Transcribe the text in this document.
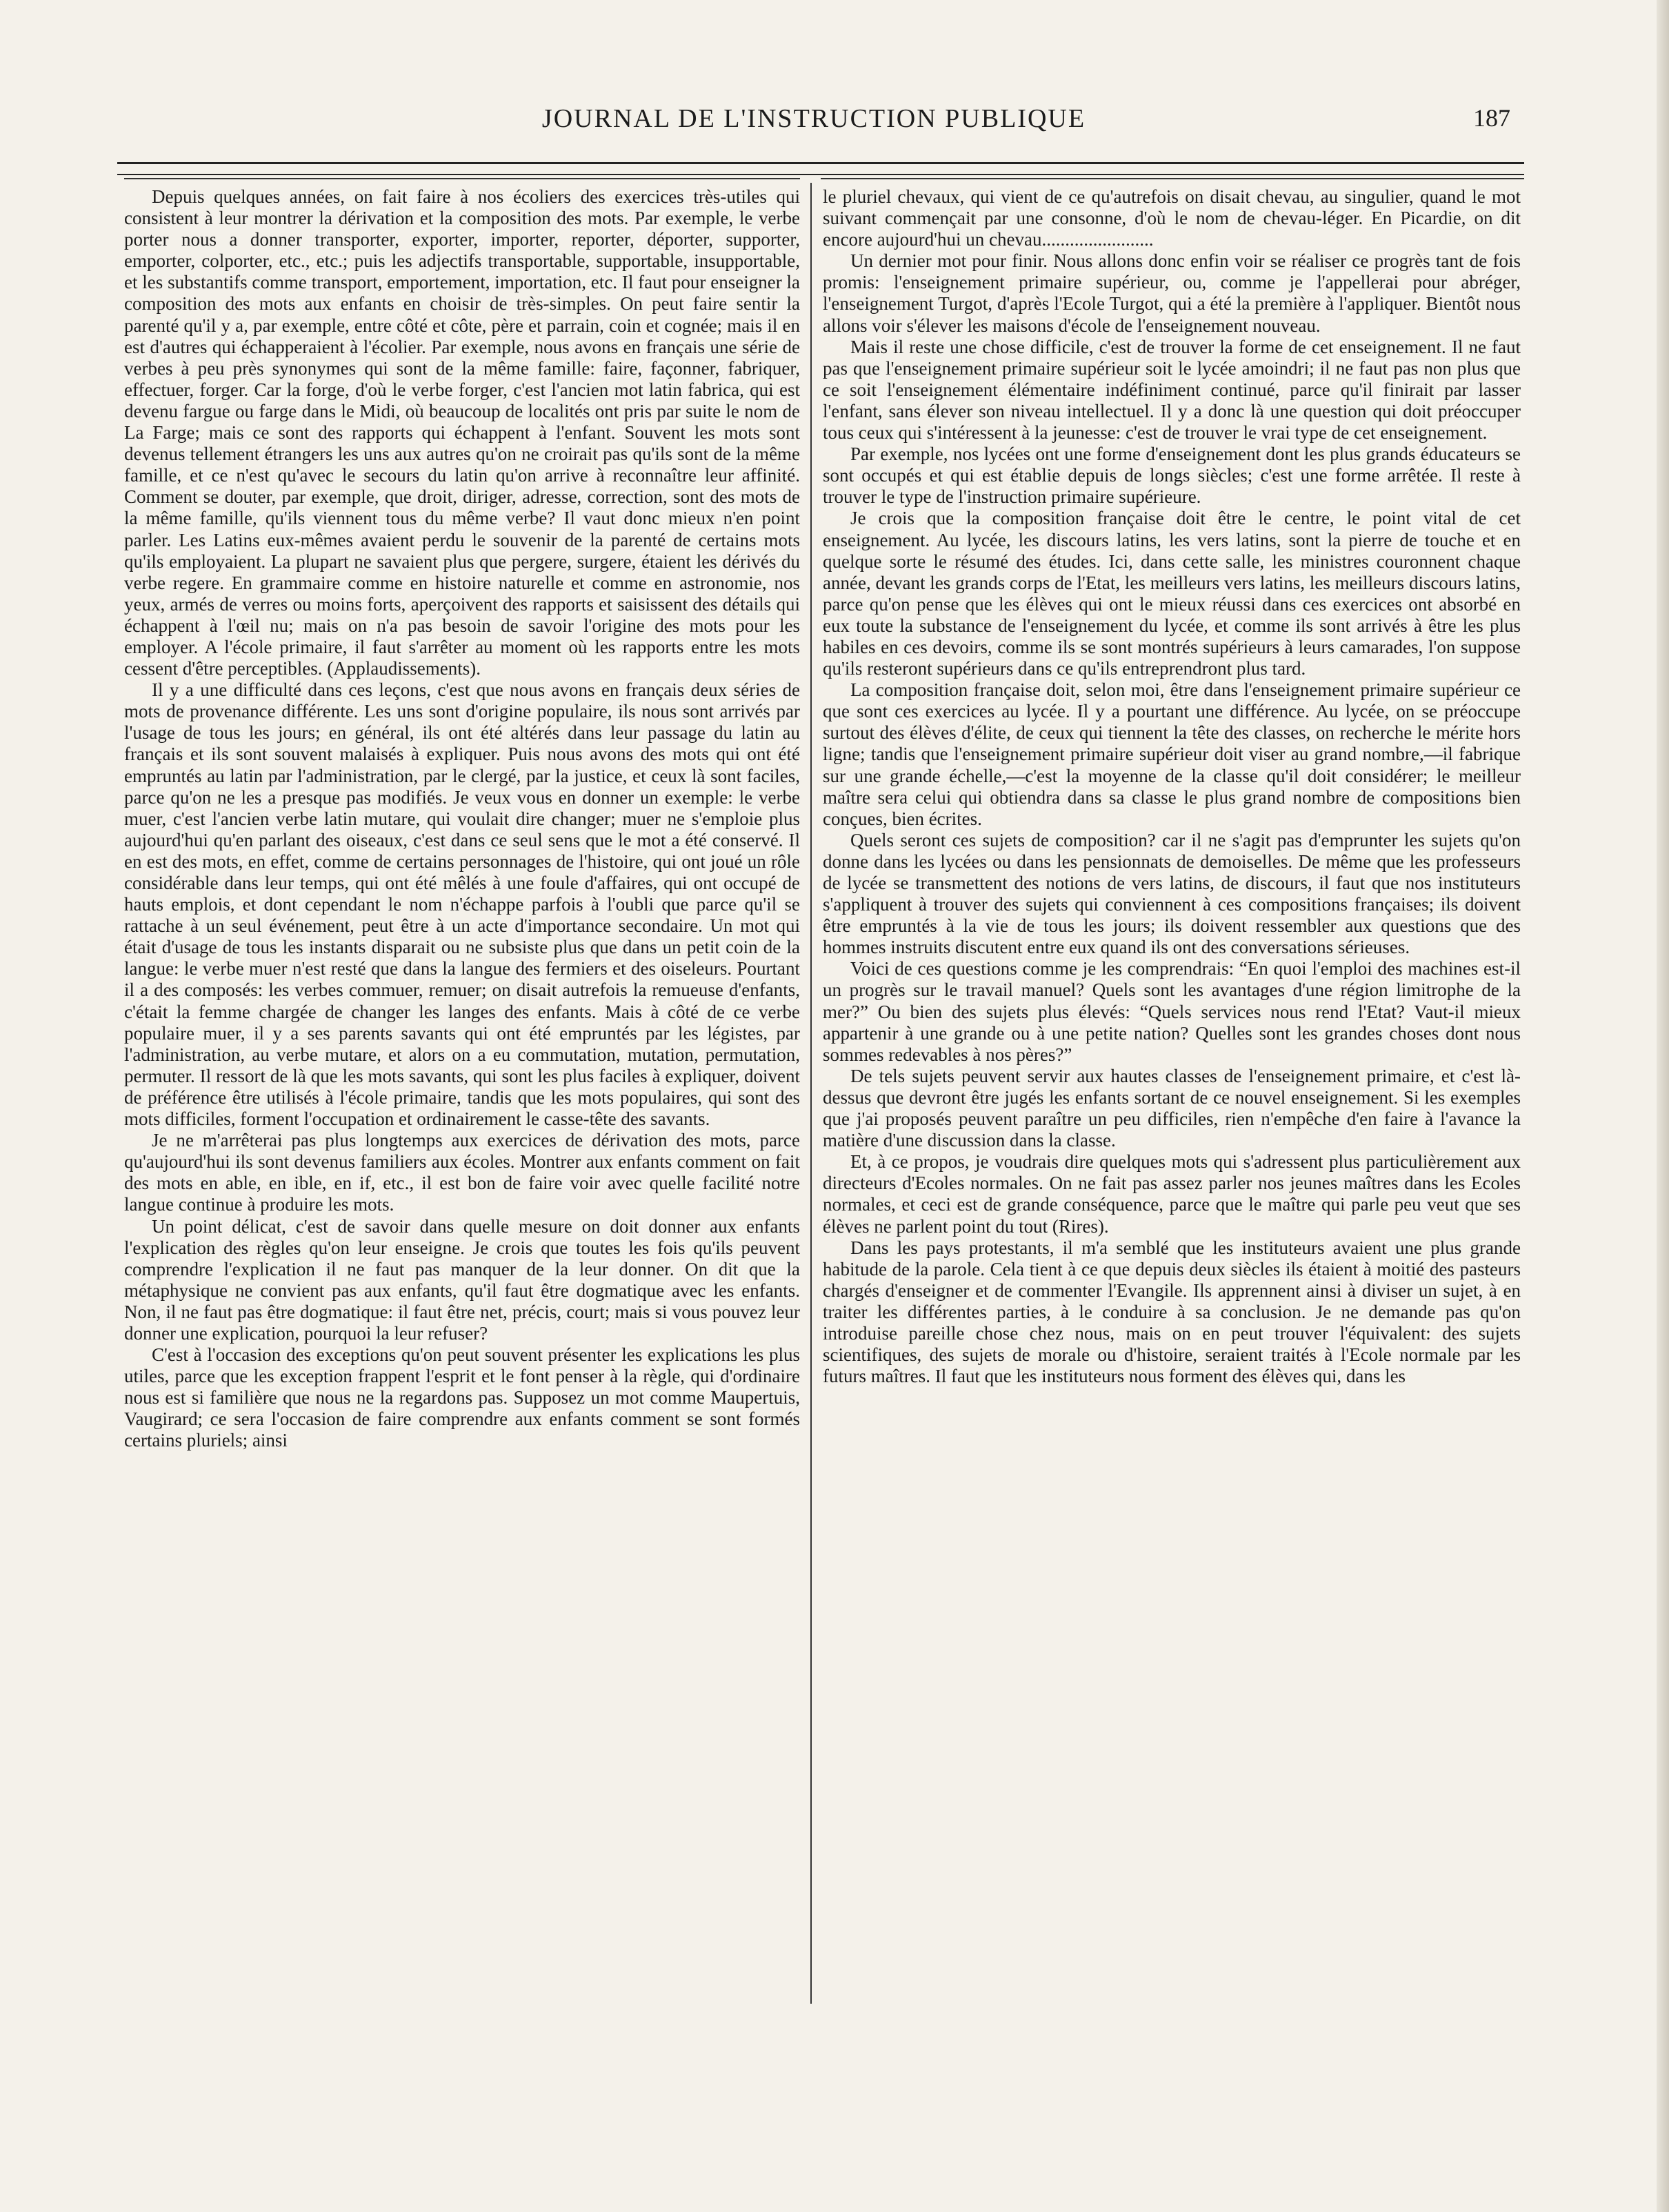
JOURNAL DE L'INSTRUCTION PUBLIQUE	187

Depuis quelques années, on fait faire à nos écoliers des exercices très-utiles qui consistent à leur montrer la dérivation et la composition des mots. Par exemple, le verbe porter nous a donner transporter, exporter, importer, reporter, déporter, supporter, emporter, colporter, etc., etc.; puis les adjectifs transportable, supportable, insupportable, et les substantifs comme transport, emportement, importation, etc. Il faut pour enseigner la composition des mots aux enfants en choisir de très-simples. On peut faire sentir la parenté qu'il y a, par exemple, entre côté et côte, père et parrain, coin et cognée; mais il en est d'autres qui échapperaient à l'écolier. Par exemple, nous avons en français une série de verbes à peu près synonymes qui sont de la même famille: faire, façonner, fabriquer, effectuer, forger. Car la forge, d'où le verbe forger, c'est l'ancien mot latin fabrica, qui est devenu fargue ou farge dans le Midi, où beaucoup de localités ont pris par suite le nom de La Farge; mais ce sont des rapports qui échappent à l'enfant. Souvent les mots sont devenus tellement étrangers les uns aux autres qu'on ne croirait pas qu'ils sont de la même famille, et ce n'est qu'avec le secours du latin qu'on arrive à reconnaître leur affinité. Comment se douter, par exemple, que droit, diriger, adresse, correction, sont des mots de la même famille, qu'ils viennent tous du même verbe? Il vaut donc mieux n'en point parler. Les Latins eux-mêmes avaient perdu le souvenir de la parenté de certains mots qu'ils employaient. La plupart ne savaient plus que pergere, surgere, étaient les dérivés du verbe regere. En grammaire comme en histoire naturelle et comme en astronomie, nos yeux, armés de verres ou moins forts, aperçoivent des rapports et saisissent des détails qui échappent à l'œil nu; mais on n'a pas besoin de savoir l'origine des mots pour les employer. A l'école primaire, il faut s'arrêter au moment où les rapports entre les mots cessent d'être perceptibles. (Applaudissements).

Il y a une difficulté dans ces leçons, c'est que nous avons en français deux séries de mots de provenance différente. Les uns sont d'origine populaire, ils nous sont arrivés par l'usage de tous les jours; en général, ils ont été altérés dans leur passage du latin au français et ils sont souvent malaisés à expliquer. Puis nous avons des mots qui ont été empruntés au latin par l'administration, par le clergé, par la justice, et ceux là sont faciles, parce qu'on ne les a presque pas modifiés. Je veux vous en donner un exemple: le verbe muer, c'est l'ancien verbe latin mutare, qui voulait dire changer; muer ne s'emploie plus aujourd'hui qu'en parlant des oiseaux, c'est dans ce seul sens que le mot a été conservé. Il en est des mots, en effet, comme de certains personnages de l'histoire, qui ont joué un rôle considérable dans leur temps, qui ont été mêlés à une foule d'affaires, qui ont occupé de hauts emplois, et dont cependant le nom n'échappe parfois à l'oubli que parce qu'il se rattache à un seul événement, peut être à un acte d'importance secondaire. Un mot qui était d'usage de tous les instants disparait ou ne subsiste plus que dans un petit coin de la langue: le verbe muer n'est resté que dans la langue des fermiers et des oiseleurs. Pourtant il a des composés: les verbes commuer, remuer; on disait autrefois la remueuse d'enfants, c'était la femme chargée de changer les langes des enfants. Mais à côté de ce verbe populaire muer, il y a ses parents savants qui ont été empruntés par les légistes, par l'administration, au verbe mutare, et alors on a eu commutation, mutation, permutation, permuter. Il ressort de là que les mots savants, qui sont les plus faciles à expliquer, doivent de préférence être utilisés à l'école primaire, tandis que les mots populaires, qui sont des mots difficiles, forment l'occupation et ordinairement le casse-tête des savants.

Je ne m'arrêterai pas plus longtemps aux exercices de dérivation des mots, parce qu'aujourd'hui ils sont devenus familiers aux écoles. Montrer aux enfants comment on fait des mots en able, en ible, en if, etc., il est bon de faire voir avec quelle facilité notre langue continue à produire les mots.

Un point délicat, c'est de savoir dans quelle mesure on doit donner aux enfants l'explication des règles qu'on leur enseigne. Je crois que toutes les fois qu'ils peuvent comprendre l'explication il ne faut pas manquer de la leur donner. On dit que la métaphysique ne convient pas aux enfants, qu'il faut être dogmatique avec les enfants. Non, il ne faut pas être dogmatique: il faut être net, précis, court; mais si vous pouvez leur donner une explication, pourquoi la leur refuser?

C'est à l'occasion des exceptions qu'on peut souvent présenter les explications les plus utiles, parce que les exception frappent l'esprit et le font penser à la règle, qui d'ordinaire nous est si familière que nous ne la regardons pas. Supposez un mot comme Maupertuis, Vaugirard; ce sera l'occasion de faire comprendre aux enfants comment se sont formés certains pluriels; ainsi

le pluriel chevaux, qui vient de ce qu'autrefois on disait chevau, au singulier, quand le mot suivant commençait par une consonne, d'où le nom de chevau-léger. En Picardie, on dit encore aujourd'hui un chevau........................

Un dernier mot pour finir. Nous allons donc enfin voir se réaliser ce progrès tant de fois promis: l'enseignement primaire supérieur, ou, comme je l'appellerai pour abréger, l'enseignement Turgot, d'après l'Ecole Turgot, qui a été la première à l'appliquer. Bientôt nous allons voir s'élever les maisons d'école de l'enseignement nouveau.

Mais il reste une chose difficile, c'est de trouver la forme de cet enseignement. Il ne faut pas que l'enseignement primaire supérieur soit le lycée amoindri; il ne faut pas non plus que ce soit l'enseignement élémentaire indéfiniment continué, parce qu'il finirait par lasser l'enfant, sans élever son niveau intellectuel. Il y a donc là une question qui doit préoccuper tous ceux qui s'intéressent à la jeunesse: c'est de trouver le vrai type de cet enseignement.

Par exemple, nos lycées ont une forme d'enseignement dont les plus grands éducateurs se sont occupés et qui est établie depuis de longs siècles; c'est une forme arrêtée. Il reste à trouver le type de l'instruction primaire supérieure.

Je crois que la composition française doit être le centre, le point vital de cet enseignement. Au lycée, les discours latins, les vers latins, sont la pierre de touche et en quelque sorte le résumé des études. Ici, dans cette salle, les ministres couronnent chaque année, devant les grands corps de l'Etat, les meilleurs vers latins, les meilleurs discours latins, parce qu'on pense que les élèves qui ont le mieux réussi dans ces exercices ont absorbé en eux toute la substance de l'enseignement du lycée, et comme ils sont arrivés à être les plus habiles en ces devoirs, comme ils se sont montrés supérieurs à leurs camarades, l'on suppose qu'ils resteront supérieurs dans ce qu'ils entreprendront plus tard.

La composition française doit, selon moi, être dans l'enseignement primaire supérieur ce que sont ces exercices au lycée. Il y a pourtant une différence. Au lycée, on se préoccupe surtout des élèves d'élite, de ceux qui tiennent la tête des classes, on recherche le mérite hors ligne; tandis que l'enseignement primaire supérieur doit viser au grand nombre,—il fabrique sur une grande échelle,—c'est la moyenne de la classe qu'il doit considérer; le meilleur maître sera celui qui obtiendra dans sa classe le plus grand nombre de compositions bien conçues, bien écrites.

Quels seront ces sujets de composition? car il ne s'agit pas d'emprunter les sujets qu'on donne dans les lycées ou dans les pensionnats de demoiselles. De même que les professeurs de lycée se transmettent des notions de vers latins, de discours, il faut que nos instituteurs s'appliquent à trouver des sujets qui conviennent à ces compositions françaises; ils doivent être empruntés à la vie de tous les jours; ils doivent ressembler aux questions que des hommes instruits discutent entre eux quand ils ont des conversations sérieuses.

Voici de ces questions comme je les comprendrais: “En quoi l'emploi des machines est-il un progrès sur le travail manuel? Quels sont les avantages d'une région limitrophe de la mer?” Ou bien des sujets plus élevés: “Quels services nous rend l'Etat? Vaut-il mieux appartenir à une grande ou à une petite nation? Quelles sont les grandes choses dont nous sommes redevables à nos pères?”

De tels sujets peuvent servir aux hautes classes de l'enseignement primaire, et c'est là-dessus que devront être jugés les enfants sortant de ce nouvel enseignement. Si les exemples que j'ai proposés peuvent paraître un peu difficiles, rien n'empêche d'en faire à l'avance la matière d'une discussion dans la classe.

Et, à ce propos, je voudrais dire quelques mots qui s'adressent plus particulièrement aux directeurs d'Ecoles normales. On ne fait pas assez parler nos jeunes maîtres dans les Ecoles normales, et ceci est de grande conséquence, parce que le maître qui parle peu veut que ses élèves ne parlent point du tout (Rires).

Dans les pays protestants, il m'a semblé que les instituteurs avaient une plus grande habitude de la parole. Cela tient à ce que depuis deux siècles ils étaient à moitié des pasteurs chargés d'enseigner et de commenter l'Evangile. Ils apprennent ainsi à diviser un sujet, à en traiter les différentes parties, à le conduire à sa conclusion. Je ne demande pas qu'on introduise pareille chose chez nous, mais on en peut trouver l'équivalent: des sujets scientifiques, des sujets de morale ou d'histoire, seraient traités à l'Ecole normale par les futurs maîtres. Il faut que les instituteurs nous forment des élèves qui, dans les
